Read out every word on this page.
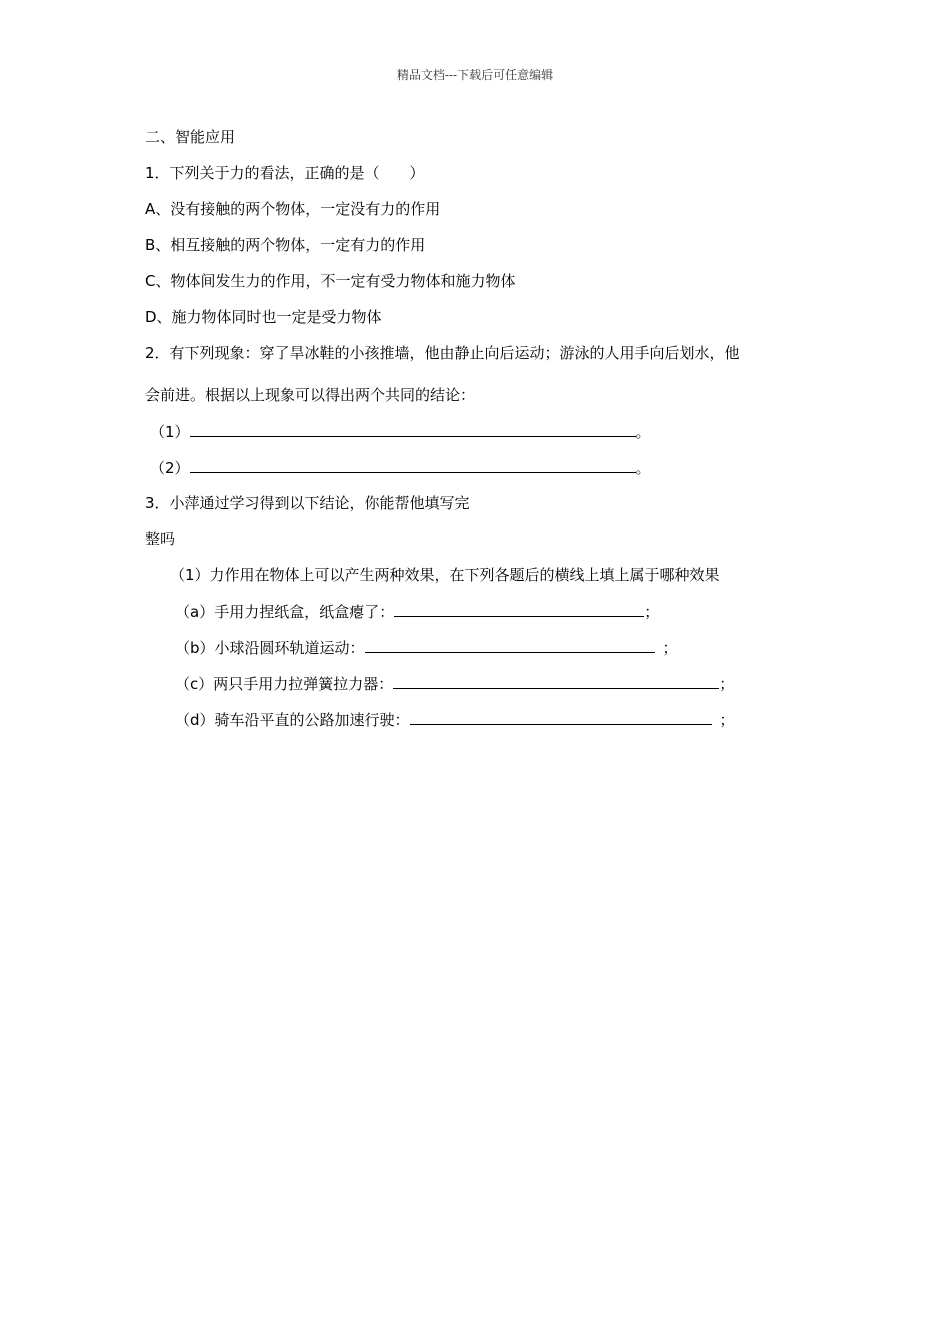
精品文档---下载后可任意编辑
二、智能应用
1．下列关于力的看法，正确的是（　　）
A、没有接触的两个物体，一定没有力的作用
B、相互接触的两个物体，一定有力的作用
C、物体间发生力的作用，不一定有受力物体和施力物体
D、施力物体同时也一定是受力物体
2．有下列现象：穿了旱冰鞋的小孩推墙，他由静止向后运动；游泳的人用手向后划水，他
会前进。根据以上现象可以得出两个共同的结论：
（1）	。
（2）	。
3．小萍通过学习得到以下结论，你能帮他填写完
整吗
（1）力作用在物体上可以产生两种效果，在下列各题后的横线上填上属于哪种效果
（a）手用力捏纸盒，纸盒瘪了：	；
（b）小球沿圆环轨道运动：	；
（c）两只手用力拉弹簧拉力器：	；
（d）骑车沿平直的公路加速行驶：	；
